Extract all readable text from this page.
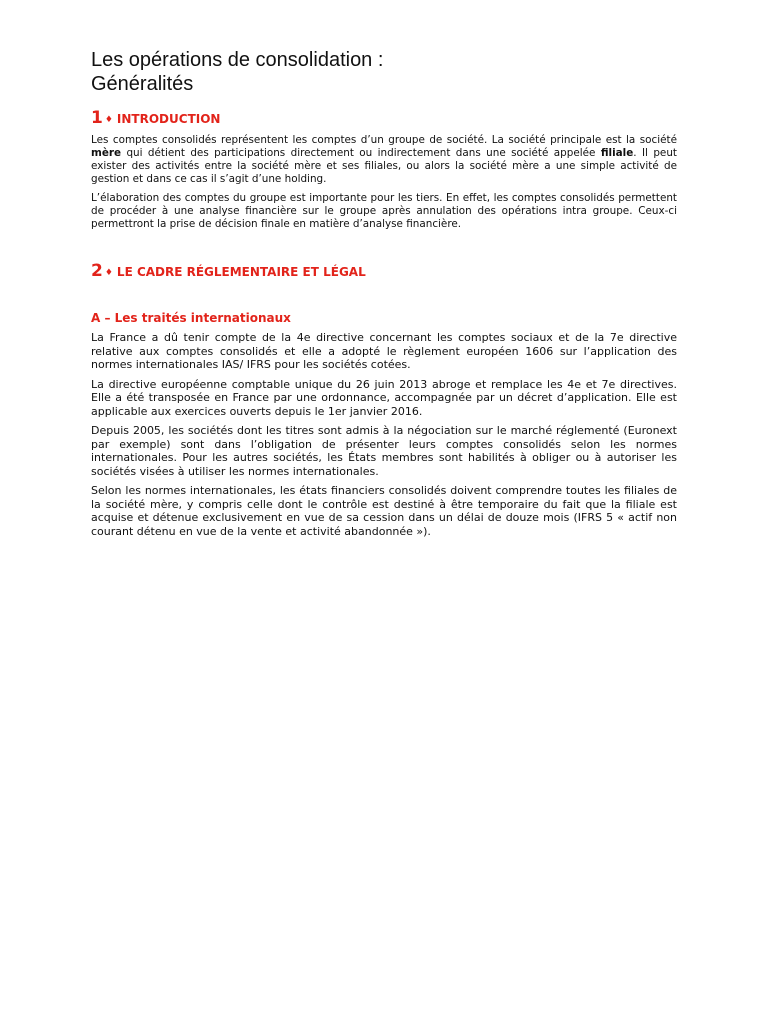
Les opérations de consolidation :
Généralités
1 ♦ INTRODUCTION

Les comptes consolidés représentent les comptes d’un groupe de société. La société principale est la société mère qui détient des participations directement ou indirectement dans une société appelée filiale. Il peut exister des activités entre la société mère et ses filiales, ou alors la société mère a une simple activité de gestion et dans ce cas il s’agit d’une holding.

L’élaboration des comptes du groupe est importante pour les tiers. En effet, les comptes consolidés permettent de procéder à une analyse financière sur le groupe après annulation des opérations intra groupe. Ceux-ci permettront la prise de décision finale en matière d’analyse financière.

2 ♦ LE CADRE RÉGLEMENTAIRE ET LÉGAL
A – Les traités internationaux

La France a dû tenir compte de la 4e directive concernant les comptes sociaux et de la 7e directive relative aux comptes consolidés et elle a adopté le règlement européen 1606 sur l’application des normes internationales IAS/ IFRS pour les sociétés cotées.

La directive européenne comptable unique du 26 juin 2013 abroge et remplace les 4e et 7e directives. Elle a été transposée en France par une ordonnance, accompagnée par un décret d’application. Elle est applicable aux exercices ouverts depuis le 1er janvier 2016.

Depuis 2005, les sociétés dont les titres sont admis à la négociation sur le marché réglementé (Euronext par exemple) sont dans l’obligation de présenter leurs comptes consolidés selon les normes internationales. Pour les autres sociétés, les États membres sont habilités à obliger ou à autoriser les sociétés visées à utiliser les normes internationales.

Selon les normes internationales, les états financiers consolidés doivent comprendre toutes les filiales de la société mère, y compris celle dont le contrôle est destiné à être temporaire du fait que la filiale est acquise et détenue exclusivement en vue de sa cession dans un délai de douze mois (IFRS 5 « actif non courant détenu en vue de la vente et activité abandonnée »).
